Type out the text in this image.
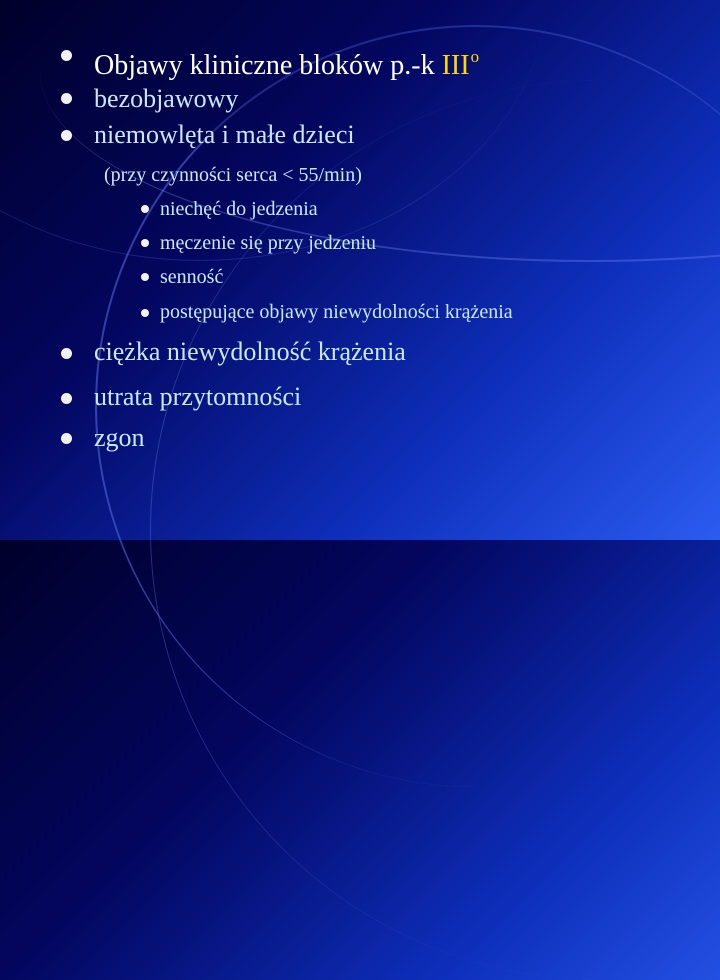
Objawy kliniczne bloków p.-k III$^o$
bezobjawowy
niemowlęta i małe dzieci
(przy czynności serca < 55/min)
niechęć do jedzenia
męczenie się przy jedzeniu
senność
postępujące objawy niewydolności krążenia
ciężka niewydolność krążenia
utrata przytomności
zgon
